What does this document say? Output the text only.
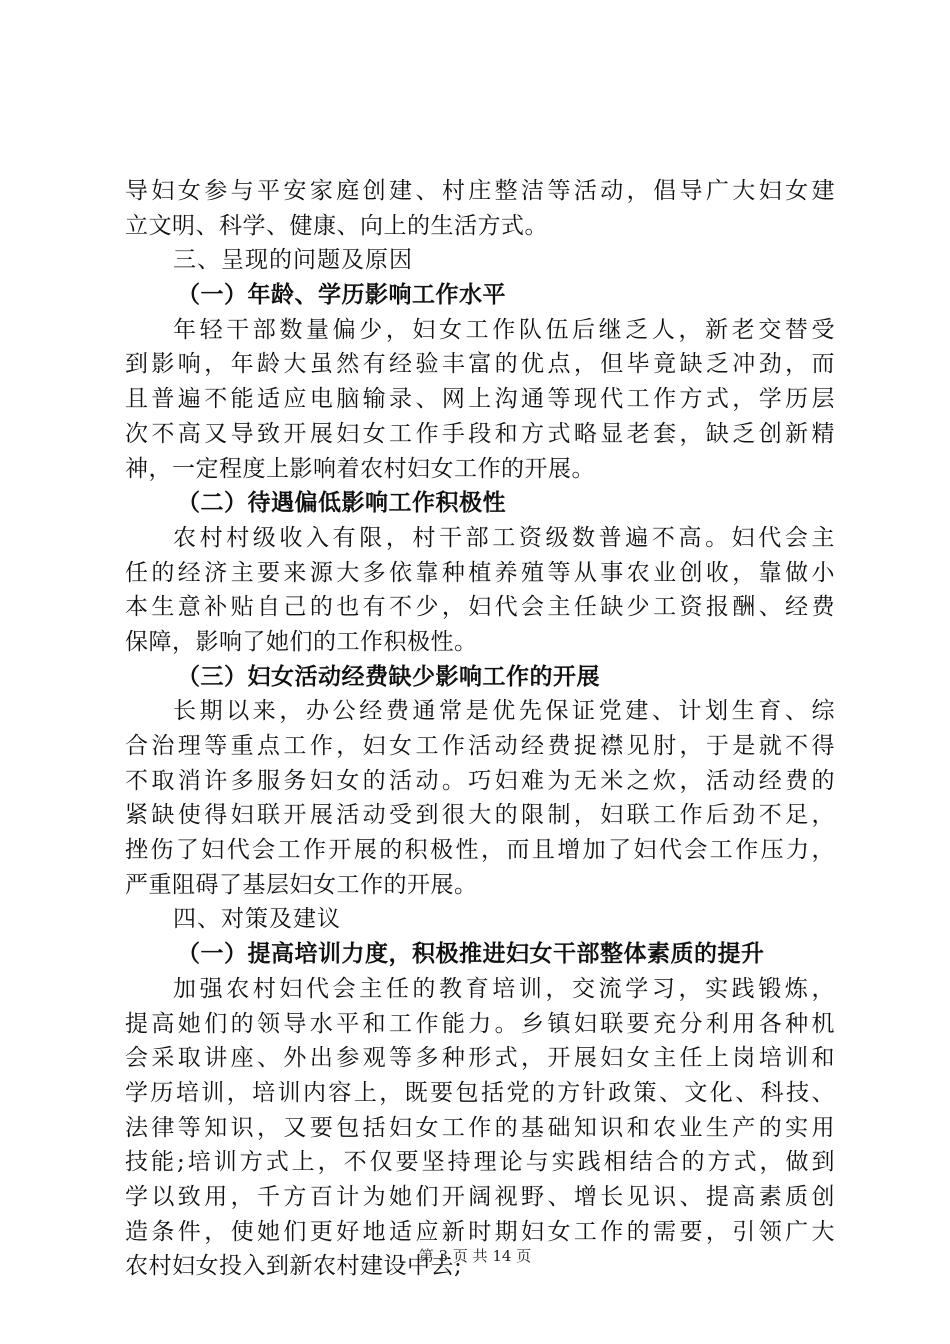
导妇女参与平安家庭创建、村庄整洁等活动，倡导广大妇女建
立文明、科学、健康、向上的生活方式。
三、呈现的问题及原因
（一）年龄、学历影响工作水平
年轻干部数量偏少，妇女工作队伍后继乏人，新老交替受
到影响，年龄大虽然有经验丰富的优点，但毕竟缺乏冲劲，而
且普遍不能适应电脑输录、网上沟通等现代工作方式，学历层
次不高又导致开展妇女工作手段和方式略显老套，缺乏创新精
神，一定程度上影响着农村妇女工作的开展。
（二）待遇偏低影响工作积极性
农村村级收入有限，村干部工资级数普遍不高。妇代会主
任的经济主要来源大多依靠种植养殖等从事农业创收，靠做小
本生意补贴自己的也有不少，妇代会主任缺少工资报酬、经费
保障，影响了她们的工作积极性。
（三）妇女活动经费缺少影响工作的开展
长期以来，办公经费通常是优先保证党建、计划生育、综
合治理等重点工作，妇女工作活动经费捉襟见肘，于是就不得
不取消许多服务妇女的活动。巧妇难为无米之炊，活动经费的
紧缺使得妇联开展活动受到很大的限制，妇联工作后劲不足，
挫伤了妇代会工作开展的积极性，而且增加了妇代会工作压力，
严重阻碍了基层妇女工作的开展。
四、对策及建议
（一）提高培训力度，积极推进妇女干部整体素质的提升
加强农村妇代会主任的教育培训，交流学习，实践锻炼，
提高她们的领导水平和工作能力。乡镇妇联要充分利用各种机
会采取讲座、外出参观等多种形式，开展妇女主任上岗培训和
学历培训，培训内容上，既要包括党的方针政策、文化、科技、
法律等知识，又要包括妇女工作的基础知识和农业生产的实用
技能;培训方式上，不仅要坚持理论与实践相结合的方式，做到
学以致用，千方百计为她们开阔视野、增长见识、提高素质创
造条件，使她们更好地适应新时期妇女工作的需要，引领广大
农村妇女投入到新农村建设中去;
第 3 页 共 14 页
